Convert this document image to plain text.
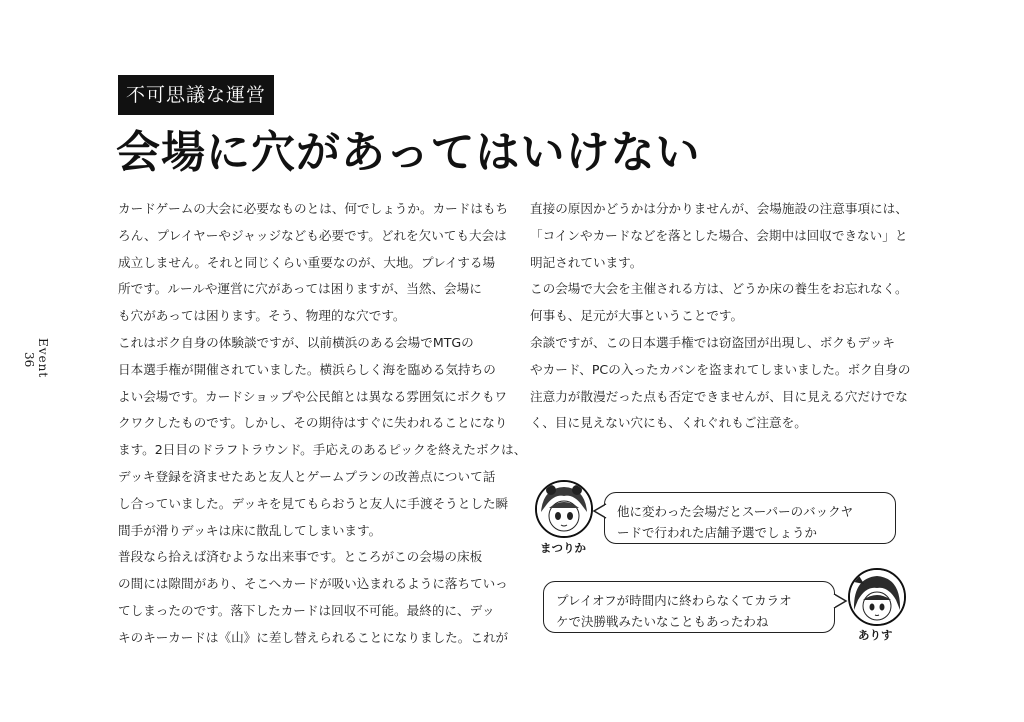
不可思議な運営
会場に穴があってはいけない
Event
36

カードゲームの大会に必要なものとは、何でしょうか。カードはもち

ろん、プレイヤーやジャッジなども必要です。どれを欠いても大会は

成立しません。それと同じくらい重要なのが、大地。プレイする場

所です。ルールや運営に穴があっては困りますが、当然、会場に

も穴があっては困ります。そう、物理的な穴です。

これはボク自身の体験談ですが、以前横浜のある会場でMTGの

日本選手権が開催されていました。横浜らしく海を臨める気持ちの

よい会場です。カードショップや公民館とは異なる雰囲気にボクもワ

クワクしたものです。しかし、その期待はすぐに失われることになり

ます。2日目のドラフトラウンド。手応えのあるピックを終えたボクは、

デッキ登録を済ませたあと友人とゲームプランの改善点について話

し合っていました。デッキを見てもらおうと友人に手渡そうとした瞬

間手が滑りデッキは床に散乱してしまいます。

普段なら拾えば済むような出来事です。ところがこの会場の床板

の間には隙間があり、そこへカードが吸い込まれるように落ちていっ

てしまったのです。落下したカードは回収不可能。最終的に、デッ

キのキーカードは《山》に差し替えられることになりました。これが

直接の原因かどうかは分かりませんが、会場施設の注意事項には、

「コインやカードなどを落とした場合、会期中は回収できない」と

明記されています。

この会場で大会を主催される方は、どうか床の養生をお忘れなく。

何事も、足元が大事ということです。

余談ですが、この日本選手権では窃盗団が出現し、ボクもデッキ

やカード、PCの入ったカバンを盗まれてしまいました。ボク自身の

注意力が散漫だった点も否定できませんが、目に見える穴だけでな

く、目に見えない穴にも、くれぐれもご注意を。

まつりか

他に変わった会場だとスーパーのバックヤ

ードで行われた店舗予選でしょうか

プレイオフが時間内に終わらなくてカラオ

ケで決勝戦みたいなこともあったわね

ありす
